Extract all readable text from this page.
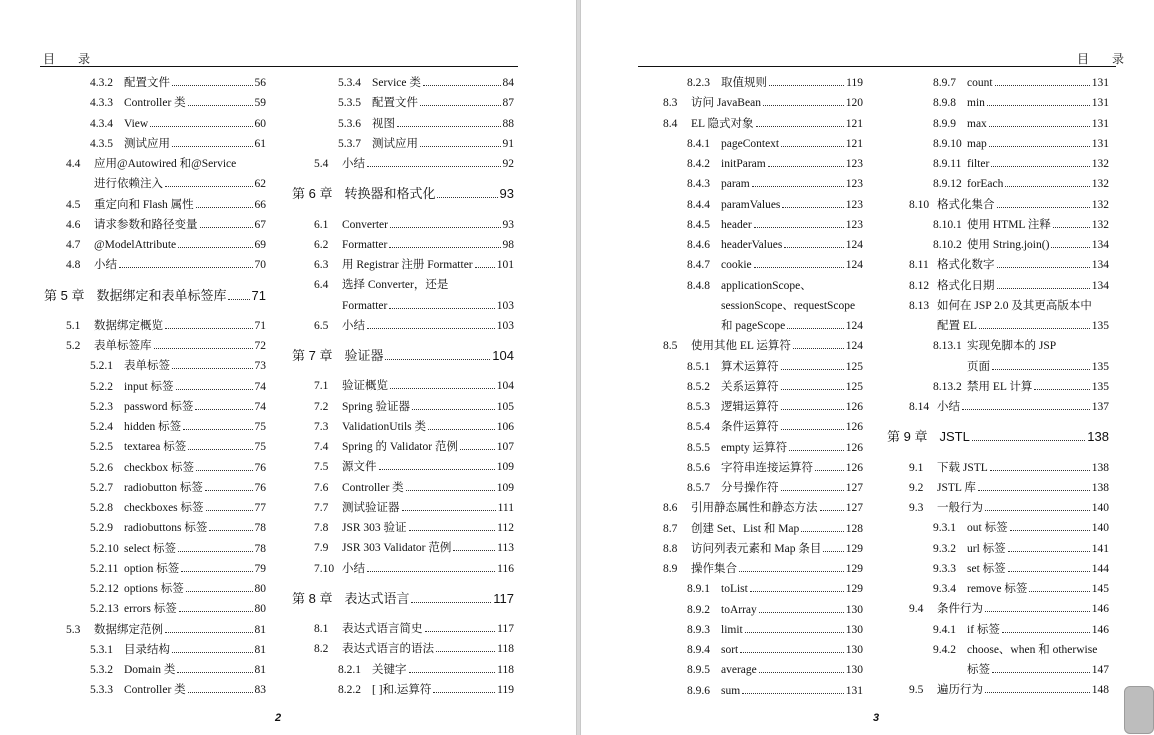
目 录
4.3.2 配置文件	56
4.3.3 Controller 类	59
4.3.4 View	60
4.3.5 测试应用	61
4.4	应用@Autowired 和@Service
进行依赖注入	62
4.5	重定向和 Flash 属性	66
4.6	请求参数和路径变量	67
4.7	@ModelAttribute	69
4.8	小结	70
第 5 章 数据绑定和表单标签库 71
5.1	数据绑定概览	71
5.2	表单标签库	72
5.2.1 表单标签	73
5.2.2 input 标签	74
5.2.3 password 标签	74
5.2.4 hidden 标签	75
5.2.5 textarea 标签	75
5.2.6 checkbox 标签	76
5.2.7 radiobutton 标签	76
5.2.8 checkboxes 标签	77
5.2.9 radiobuttons 标签	78
5.2.10 select 标签	78
5.2.11 option 标签	79
5.2.12 options 标签	80
5.2.13 errors 标签	80
5.3	数据绑定范例	81
5.3.1 目录结构	81
5.3.2 Domain 类	81
5.3.3 Controller 类	83
5.3.4 Service 类	84
5.3.5 配置文件	87
5.3.6 视图	88
5.3.7 测试应用	91
5.4	小结	92
第 6 章 转换器和格式化	93
6.1	Converter	93
6.2	Formatter	98
6.3	用 Registrar 注册 Formatter 101
6.4	选择 Converter，还是
Formatter	103
6.5	小结	103
第 7 章 验证器	104
7.1	验证概览	104
7.2	Spring 验证器	105
7.3	ValidationUtils 类	106
7.4	Spring 的 Validator 范例	107
7.5	源文件	109
7.6	Controller 类	109
7.7	测试验证器	111
7.8	JSR 303 验证	112
7.9	JSR 303 Validator 范例	113
7.10 小结	116
第 8 章 表达式语言	117
8.1	表达式语言简史	117
8.2	表达式语言的语法	118
8.2.1 关键字	118
8.2.2 [ ]和.运算符	119
2
目 录
8.2.3 取值规则	119
8.3	访问 JavaBean	120
8.4	EL 隐式对象	121
8.4.1 pageContext	121
8.4.2 initParam	123
8.4.3 param	123
8.4.4 paramValues	123
8.4.5 header	123
8.4.6 headerValues	124
8.4.7 cookie	124
8.4.8 applicationScope、
sessionScope、requestScope
和 pageScope	124
8.5	使用其他 EL 运算符	124
8.5.1 算术运算符	125
8.5.2 关系运算符	125
8.5.3 逻辑运算符	126
8.5.4 条件运算符	126
8.5.5 empty 运算符	126
8.5.6 字符串连接运算符	126
8.5.7 分号操作符	127
8.6	引用静态属性和静态方法 127
8.7	创建 Set、List 和 Map	128
8.8	访问列表元素和 Map 条目 129
8.9	操作集合	129
8.9.1 toList	129
8.9.2 toArray	130
8.9.3 limit	130
8.9.4 sort	130
8.9.5 average	130
8.9.6 sum	131
8.9.7 count	131
8.9.8 min	131
8.9.9 max	131
8.9.10 map	131
8.9.11 filter	132
8.9.12 forEach	132
8.10 格式化集合	132
8.10.1 使用 HTML 注释	132
8.10.2 使用 String.join()	134
8.11 格式化数字	134
8.12 格式化日期	134
8.13 如何在 JSP 2.0 及其更高版本中
配置 EL	135
8.13.1 实现免脚本的 JSP
页面	135
8.13.2 禁用 EL 计算	135
8.14 小结	137
第 9 章 JSTL	138
9.1	下载 JSTL	138
9.2	JSTL 库	138
9.3	一般行为	140
9.3.1 out 标签	140
9.3.2 url 标签	141
9.3.3 set 标签	144
9.3.4 remove 标签	145
9.4	条件行为	146
9.4.1 if 标签	146
9.4.2 choose、when 和 otherwise
标签	147
9.5	遍历行为	148
3
